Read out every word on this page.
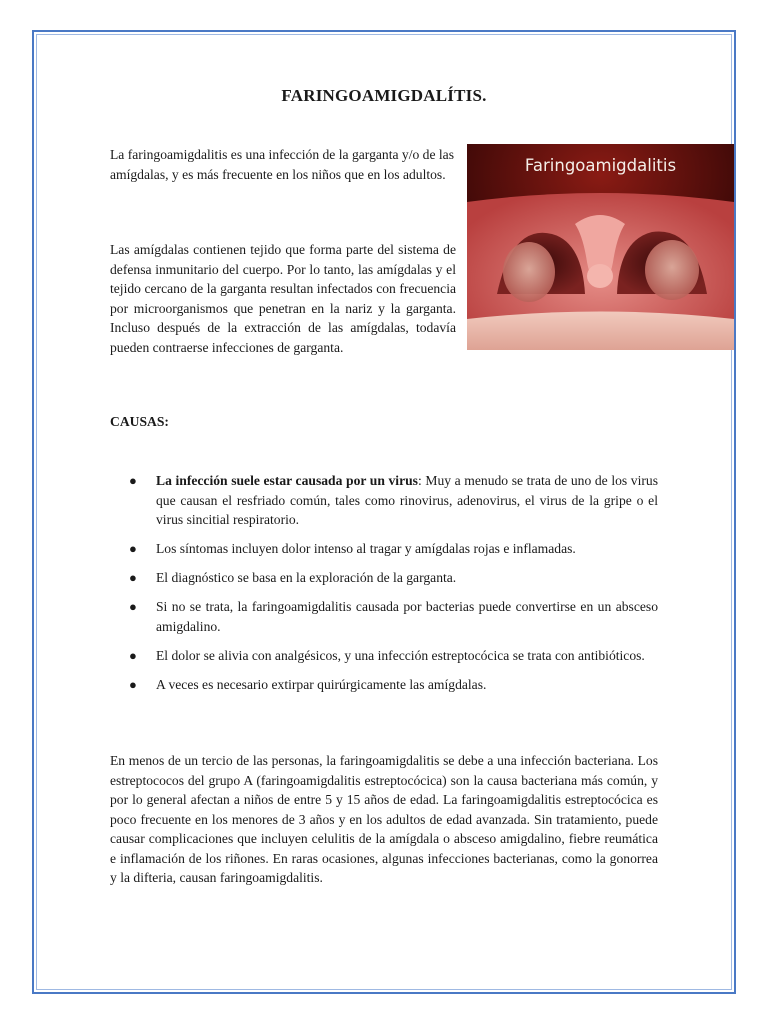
FARINGOAMIGDALÍTIS.

La faringoamigdalitis es una infección de la garganta y/o de las amígdalas, y es más frecuente en los niños que en los adultos.

Las amígdalas contienen tejido que forma parte del sistema de defensa inmunitario del cuerpo. Por lo tanto, las amígdalas y el tejido cercano de la garganta resultan infectados con frecuencia por microorganismos que penetran en la nariz y la garganta. Incluso después de la extracción de las amígdalas, todavía pueden contraerse infecciones de garganta.

Faringoamigdalitis
CAUSAS:
● La infección suele estar causada por un virus: Muy a menudo se trata de uno de los virus que causan el resfriado común, tales como rinovirus, adenovirus, el virus de la gripe o el virus sincitial respiratorio.
● Los síntomas incluyen dolor intenso al tragar y amígdalas rojas e inflamadas.
● El diagnóstico se basa en la exploración de la garganta.
● Si no se trata, la faringoamigdalitis causada por bacterias puede convertirse en un absceso amigdalino.
● El dolor se alivia con analgésicos, y una infección estreptocócica se trata con antibióticos.
● A veces es necesario extirpar quirúrgicamente las amígdalas.

En menos de un tercio de las personas, la faringoamigdalitis se debe a una infección bacteriana. Los estreptococos del grupo A (faringoamigdalitis estreptocócica) son la causa bacteriana más común, y por lo general afectan a niños de entre 5 y 15 años de edad. La faringoamigdalitis estreptocócica es poco frecuente en los menores de 3 años y en los adultos de edad avanzada. Sin tratamiento, puede causar complicaciones que incluyen celulitis de la amígdala o absceso amigdalino, fiebre reumática e inflamación de los riñones. En raras ocasiones, algunas infecciones bacterianas, como la gonorrea y la difteria, causan faringoamigdalitis.
